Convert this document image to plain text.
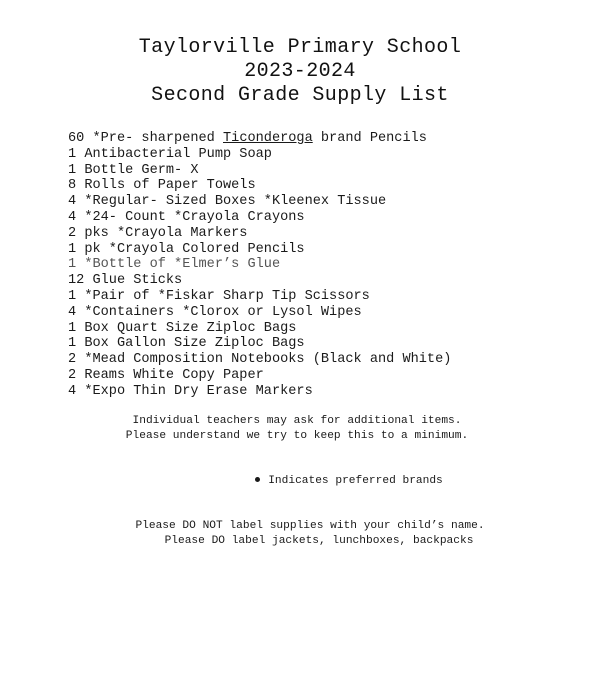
Taylorville Primary School
2023-2024
Second Grade Supply List
60 *Pre- sharpened Ticonderoga brand Pencils
1 Antibacterial Pump Soap
1 Bottle Germ- X
8 Rolls of Paper Towels
4 *Regular- Sized Boxes *Kleenex Tissue
4 *24- Count *Crayola Crayons
2 pks *Crayola Markers
1 pk *Crayola Colored Pencils
1 *Bottle of *Elmer’s Glue
12 Glue Sticks
1 *Pair of *Fiskar Sharp Tip Scissors
4 *Containers *Clorox or Lysol Wipes
1 Box Quart Size Ziploc Bags
1 Box Gallon Size Ziploc Bags
2 *Mead Composition Notebooks (Black and White)
2 Reams White Copy Paper
4 *Expo Thin Dry Erase Markers
Individual teachers may ask for additional items.
Please understand we try to keep this to a minimum.

Indicates preferred brands

Please DO NOT label supplies with your child’s name.
Please DO label jackets, lunchboxes, backpacks
